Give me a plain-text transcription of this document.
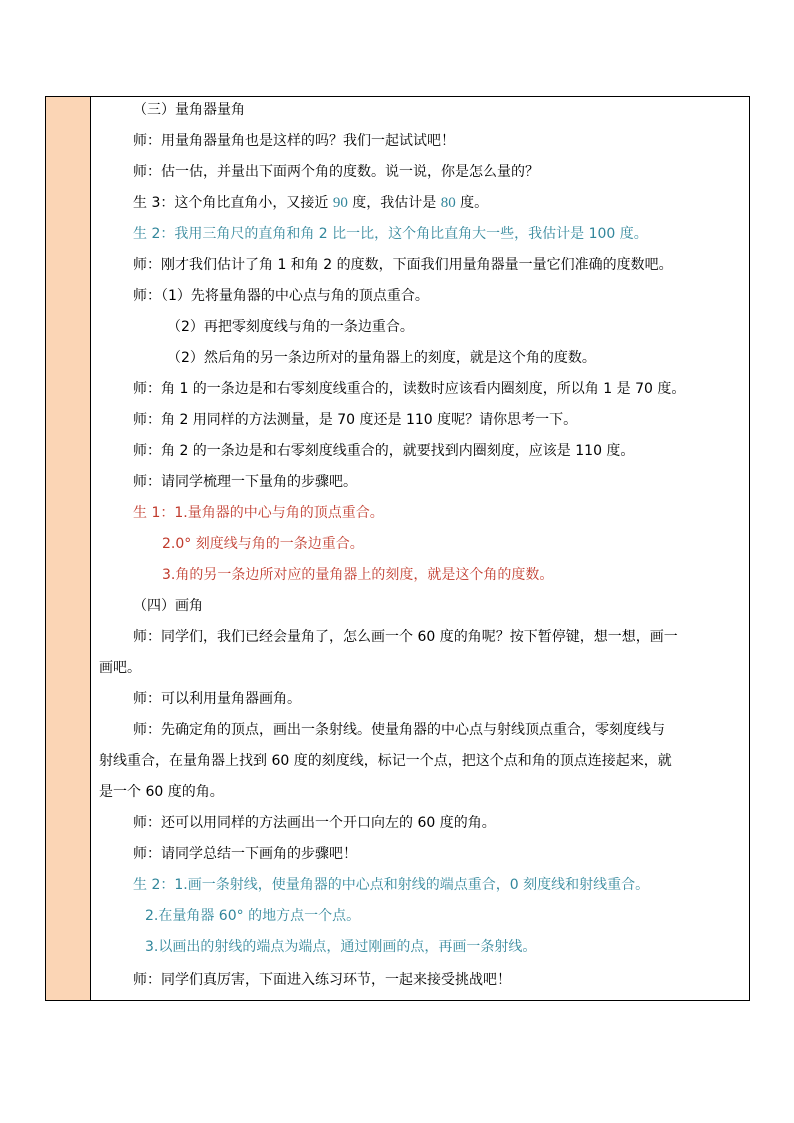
（三）量角器量角
师：用量角器量角也是这样的吗？我们一起试试吧！
师：估一估，并量出下面两个角的度数。说一说，你是怎么量的？
生 3：这个角比直角小，又接近 90 度，我估计是 80 度。
生 2：我用三角尺的直角和角 2 比一比，这个角比直角大一些，我估计是 100 度。
师：刚才我们估计了角 1 和角 2 的度数，下面我们用量角器量一量它们准确的度数吧。
师：（1）先将量角器的中心点与角的顶点重合。
（2）再把零刻度线与角的一条边重合。
（2）然后角的另一条边所对的量角器上的刻度，就是这个角的度数。
师：角 1 的一条边是和右零刻度线重合的，读数时应该看内圈刻度，所以角 1 是 70 度。
师：角 2 用同样的方法测量，是 70 度还是 110 度呢？请你思考一下。
师：角 2 的一条边是和右零刻度线重合的，就要找到内圈刻度，应该是 110 度。
师：请同学梳理一下量角的步骤吧。
生 1：1.量角器的中心与角的顶点重合。
2.0° 刻度线与角的一条边重合。
3.角的另一条边所对应的量角器上的刻度，就是这个角的度数。
（四）画角
师：同学们，我们已经会量角了，怎么画一个 60 度的角呢？按下暂停键，想一想，画一
画吧。
师：可以利用量角器画角。
师：先确定角的顶点，画出一条射线。使量角器的中心点与射线顶点重合，零刻度线与
射线重合，在量角器上找到 60 度的刻度线，标记一个点，把这个点和角的顶点连接起来，就
是一个 60 度的角。
师：还可以用同样的方法画出一个开口向左的 60 度的角。
师：请同学总结一下画角的步骤吧！
生 2：1.画一条射线，使量角器的中心点和射线的端点重合，0 刻度线和射线重合。
2.在量角器 60° 的地方点一个点。
3.以画出的射线的端点为端点，通过刚画的点，再画一条射线。
师：同学们真厉害，下面进入练习环节，一起来接受挑战吧！
